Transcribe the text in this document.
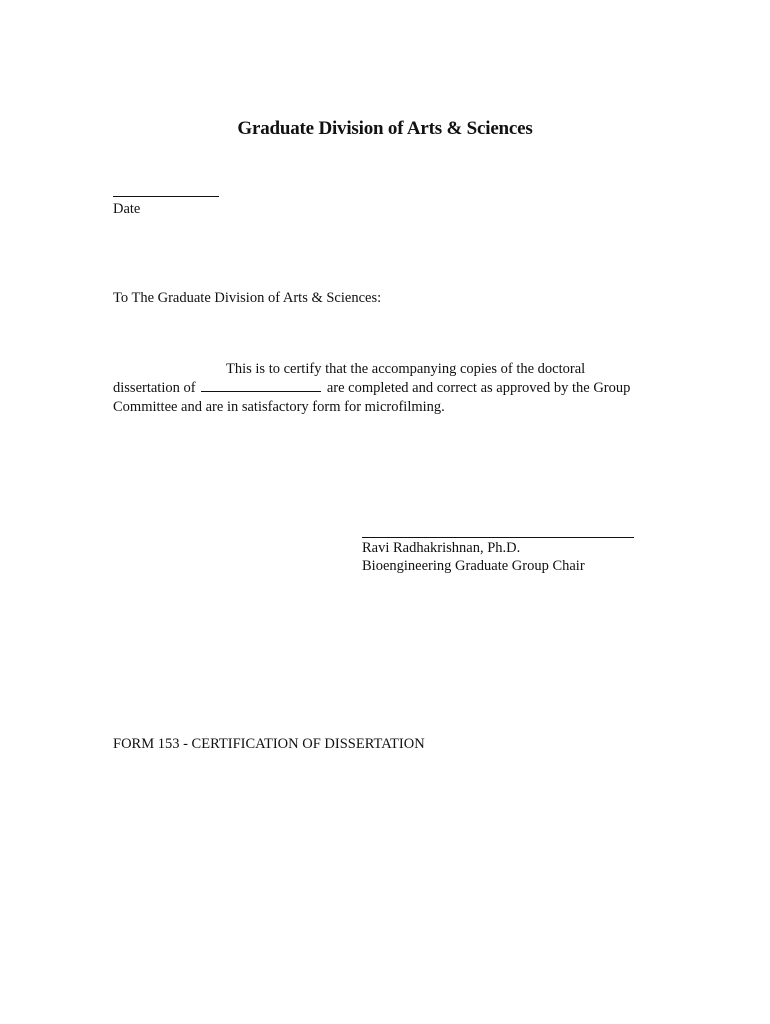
Graduate Division of Arts & Sciences
Date
To The Graduate Division of Arts & Sciences:
This is to certify that the accompanying copies of the doctoral
dissertation of	are completed and correct as approved by the Group
Committee and are in satisfactory form for microfilming.
Ravi Radhakrishnan, Ph.D.
Bioengineering Graduate Group Chair
FORM 153 - CERTIFICATION OF DISSERTATION
